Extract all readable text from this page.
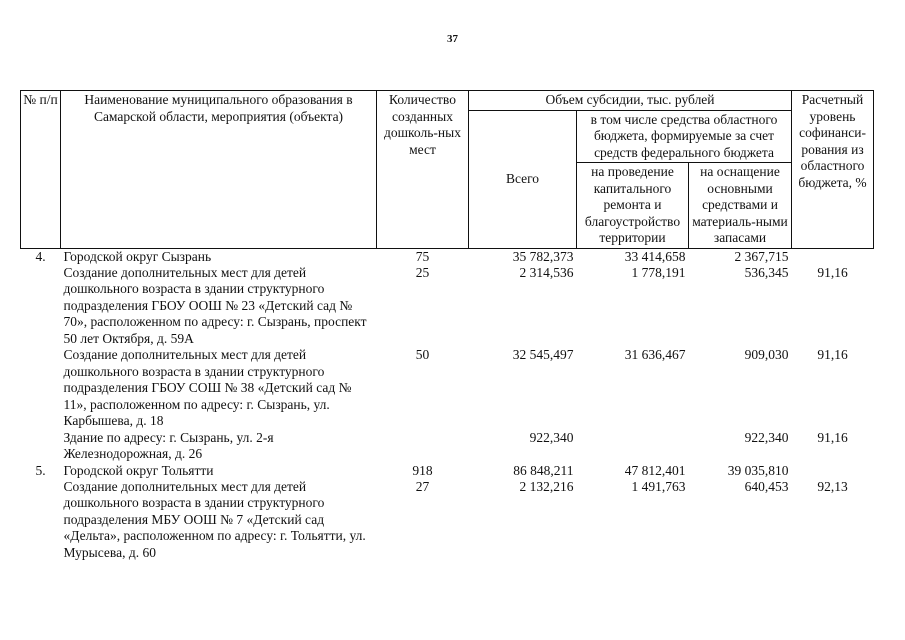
37
№ п/п	Наименование муниципального образования в Самарской области, мероприятия (объекта)	Количество созданных дошколь-ных мест	Объем субсидии, тыс. рублей			Расчетный уровень софинанси-рования из областного бюджета, %
			Всего	в том числе средства областного бюджета, формируемые за счет средств федерального бюджета		
				на проведение капитального ремонта и благоустройство территории	на оснащение основными средствами и материаль-ными запасами	
4.	Городской округ Сызрань	75	35 782,373	33 414,658	2 367,715	
	Создание дополнительных мест для детей дошкольного возраста в здании структурного подразделения ГБОУ ООШ № 23 «Детский сад № 70», расположенном по адресу: г. Сызрань, проспект 50 лет Октября, д. 59А	25	2 314,536	1 778,191	536,345	91,16
	Создание дополнительных мест для детей дошкольного возраста в здании структурного подразделения ГБОУ СОШ № 38 «Детский сад № 11», расположенном по адресу: г. Сызрань, ул. Карбышева, д. 18	50	32 545,497	31 636,467	909,030	91,16
	Здание по адресу: г. Сызрань, ул. 2-я Железнодорожная, д. 26		922,340		922,340	91,16
5.	Городской округ Тольятти	918	86 848,211	47 812,401	39 035,810	
	Создание дополнительных мест для детей дошкольного возраста в здании структурного подразделения МБУ ООШ № 7 «Детский сад «Дельта», расположенном по адресу: г. Тольятти, ул. Мурысева, д. 60	27	2 132,216	1 491,763	640,453	92,13
